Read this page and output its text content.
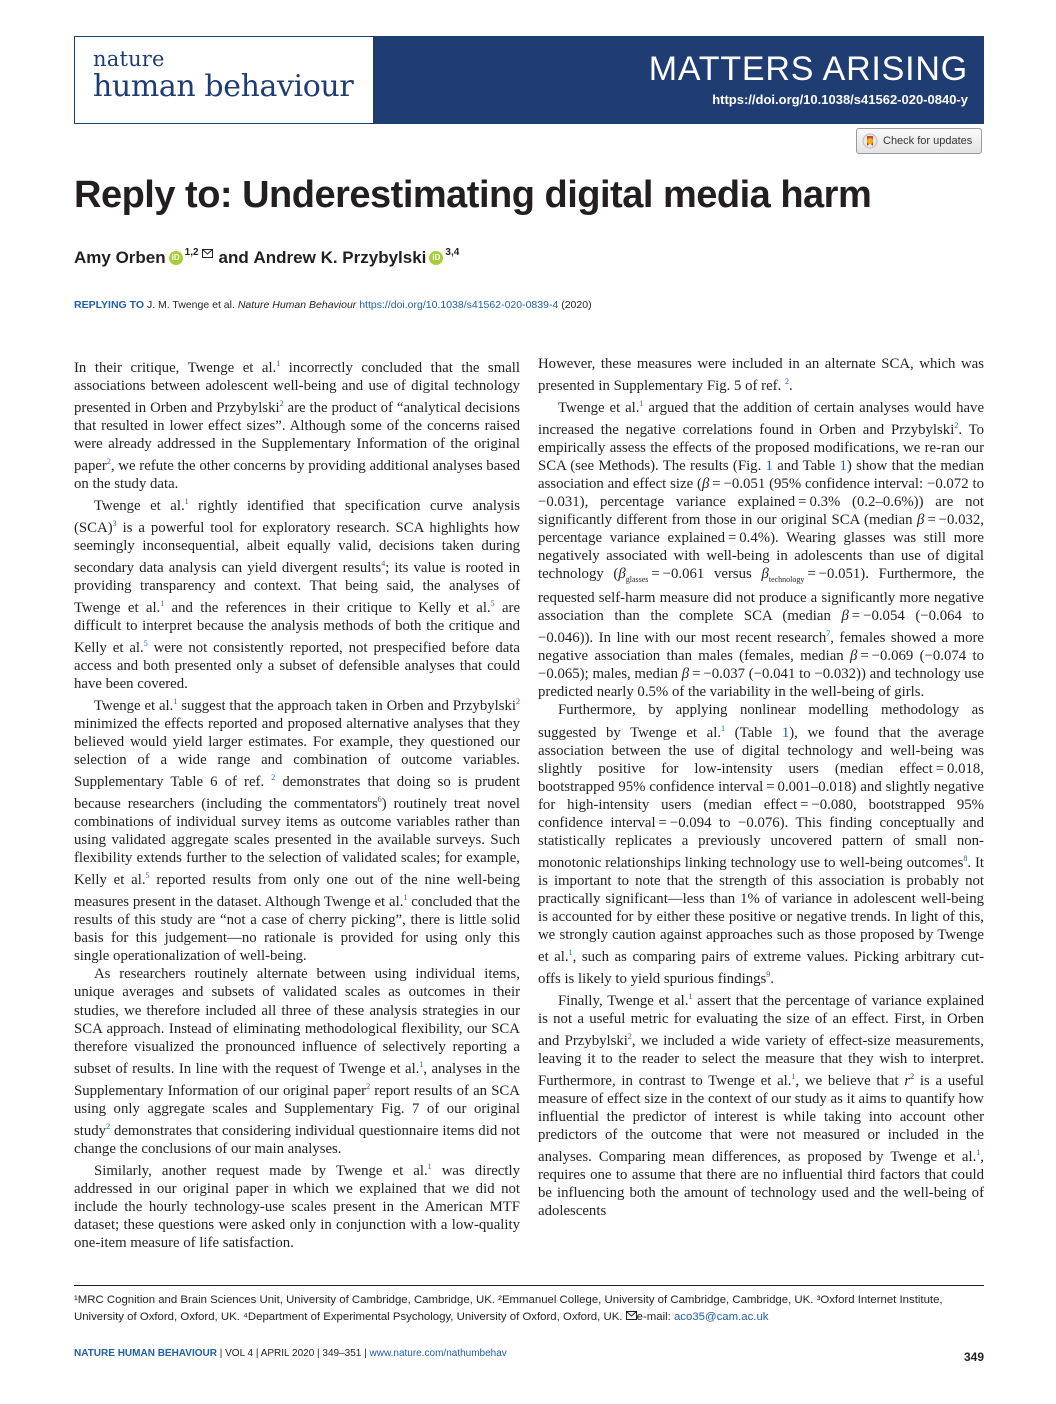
nature
human behaviour	MATTERS ARISING
https://doi.org/10.1038/s41562-020-0840-y
Check for updates
Reply to: Underestimating digital media harm
Amy Orben iD 1,2 and
Andrew K. Przybylski iD 3,4
REPLYING TO J. M. Twenge et al. Nature Human Behaviour https://doi.org/10.1038/s41562-020-0839-4 (2020)

In their critique, Twenge et al.$^1$ incorrectly concluded that the small associations between adolescent well-being and use of digital technology presented in Orben and Przybylski$^2$ are the product of “analytical decisions that resulted in lower effect sizes”. Although some of the concerns raised were already addressed in the Supplementary Information of the original paper$^2$, we refute the other concerns by providing additional analyses based on the study data.

Twenge et al.$^1$ rightly identified that specification curve analysis (SCA)$^3$ is a powerful tool for exploratory research. SCA highlights how seemingly inconsequential, albeit equally valid, decisions taken during secondary data analysis can yield divergent results$^4$; its value is rooted in providing transparency and context. That being said, the analyses of Twenge et al.$^1$ and the references in their critique to Kelly et al.$^5$ are difficult to interpret because the analysis methods of both the critique and Kelly et al.$^5$ were not consistently reported, not prespecified before data access and both presented only a subset of defensible analyses that could have been covered.

Twenge et al.$^1$ suggest that the approach taken in Orben and Przybylski$^2$ minimized the effects reported and proposed alternative analyses that they believed would yield larger estimates. For example, they questioned our selection of a wide range and combination of outcome variables. Supplementary Table 6 of ref. $^2$ demonstrates that doing so is prudent because researchers (including the commentators$^6$) routinely treat novel combinations of individual survey items as outcome variables rather than using validated aggregate scales presented in the available surveys. Such flexibility extends further to the selection of validated scales; for example, Kelly et al.$^5$ reported results from only one out of the nine well-being measures present in the dataset. Although Twenge et al.$^1$ concluded that the results of this study are “not a case of cherry picking”, there is little solid basis for this judgement—no rationale is provided for using only this single operationalization of well-being.

As researchers routinely alternate between using individual items, unique averages and subsets of validated scales as outcomes in their studies, we therefore included all three of these analysis strategies in our SCA approach. Instead of eliminating methodological flexibility, our SCA therefore visualized the pronounced influence of selectively reporting a subset of results. In line with the request of Twenge et al.$^1$, analyses in the Supplementary Information of our original paper$^2$ report results of an SCA using only aggregate scales and Supplementary Fig. 7 of our original study$^2$ demonstrates that considering individual questionnaire items did not change the conclusions of our main analyses.

Similarly, another request made by Twenge et al.$^1$ was directly addressed in our original paper in which we explained that we did not include the hourly technology-use scales present in the American MTF dataset; these questions were asked only in conjunction with a low-quality one-item measure of life satisfaction.

However, these measures were included in an alternate SCA, which was presented in Supplementary Fig. 5 of ref. $^2$.

Twenge et al.$^1$ argued that the addition of certain analyses would have increased the negative correlations found in Orben and Przybylski$^2$. To empirically assess the effects of the proposed modifications, we re-ran our SCA (see Methods). The results (Fig. 1 and Table 1) show that the median association and effect size (β = −0.051 (95% confidence interval: −0.072 to −0.031), percentage variance explained = 0.3% (0.2–0.6%)) are not significantly different from those in our original SCA (median β = −0.032, percentage variance explained = 0.4%). Wearing glasses was still more negatively associated with well-being in adolescents than use of digital technology ($\beta_{glasses} = -0.061$ versus $\beta_{technology} = -0.051$). Furthermore, the requested self-harm measure did not produce a significantly more negative association than the complete SCA (median β = −0.054 (−0.064 to −0.046)). In line with our most recent research$^7$, females showed a more negative association than males (females, median β = −0.069 (−0.074 to −0.065); males, median β = −0.037 (−0.041 to −0.032)) and technology use predicted nearly 0.5% of the variability in the well-being of girls.

Furthermore, by applying nonlinear modelling methodology as suggested by Twenge et al.$^1$ (Table 1), we found that the average association between the use of digital technology and well-being was slightly positive for low-intensity users (median effect = 0.018, bootstrapped 95% confidence interval = 0.001–0.018) and slightly negative for high-intensity users (median effect = −0.080, bootstrapped 95% confidence interval = −0.094 to −0.076). This finding conceptually and statistically replicates a previously uncovered pattern of small non-monotonic relationships linking technology use to well-being outcomes$^8$. It is important to note that the strength of this association is probably not practically significant—less than 1% of variance in adolescent well-being is accounted for by either these positive or negative trends. In light of this, we strongly caution against approaches such as those proposed by Twenge et al.$^1$, such as comparing pairs of extreme values. Picking arbitrary cut-offs is likely to yield spurious findings$^9$.

Finally, Twenge et al.$^1$ assert that the percentage of variance explained is not a useful metric for evaluating the size of an effect. First, in Orben and Przybylski$^2$, we included a wide variety of effect-size measurements, leaving it to the reader to select the measure that they wish to interpret. Furthermore, in contrast to Twenge et al.$^1$, we believe that $r^2$ is a useful measure of effect size in the context of our study as it aims to quantify how influential the predictor of interest is while taking into account other predictors of the outcome that were not measured or included in the analyses. Comparing mean differences, as proposed by Twenge et al.$^1$, requires one to assume that there are no influential third factors that could be influencing both the amount of technology used and the well-being of adolescents

¹MRC Cognition and Brain Sciences Unit, University of Cambridge, Cambridge, UK. ²Emmanuel College, University of Cambridge, Cambridge, UK. ³Oxford Internet Institute, University of Oxford, Oxford, UK. ⁴Department of Experimental Psychology, University of Oxford, Oxford, UK. e-mail: aco35@cam.ac.uk
NATURE HUMAN BEHAVIOUR | VOL 4 | APRIL 2020 | 349–351 | www.nature.com/nathumbehav	349
